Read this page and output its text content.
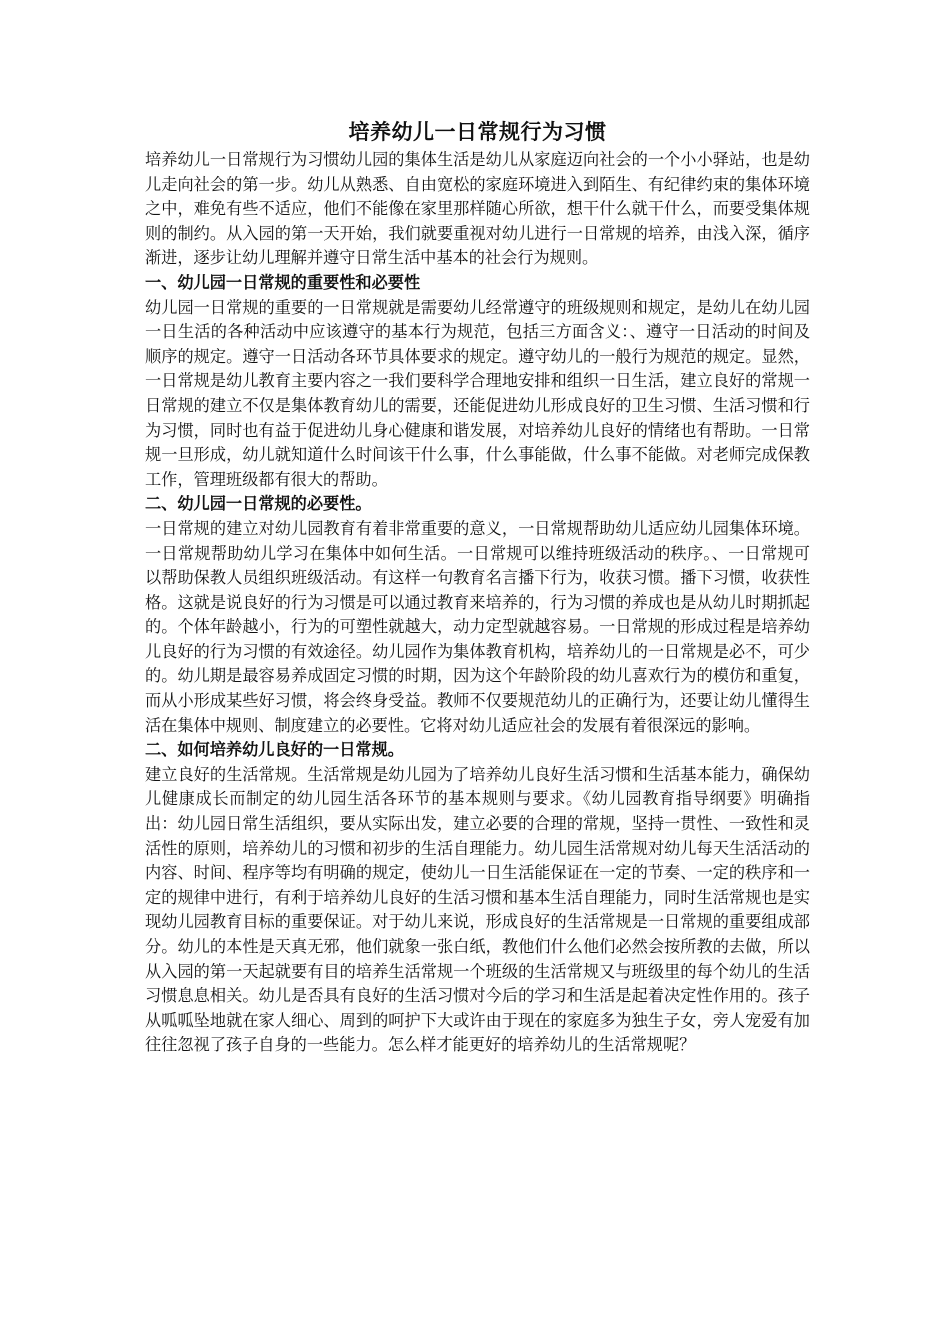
培养幼儿一日常规行为习惯

培养幼儿一日常规行为习惯幼儿园的集体生活是幼儿从家庭迈向社会的一个小小驿站，也是幼儿走向社会的第一步。幼儿从熟悉、自由宽松的家庭环境进入到陌生、有纪律约束的集体环境之中，难免有些不适应，他们不能像在家里那样随心所欲，想干什么就干什么，而要受集体规则的制约。从入园的第一天开始，我们就要重视对幼儿进行一日常规的培养，由浅入深，循序渐进，逐步让幼儿理解并遵守日常生活中基本的社会行为规则。

一、幼儿园一日常规的重要性和必要性

幼儿园一日常规的重要的一日常规就是需要幼儿经常遵守的班级规则和规定，是幼儿在幼儿园一日生活的各种活动中应该遵守的基本行为规范，包括三方面含义：、遵守一日活动的时间及顺序的规定。遵守一日活动各环节具体要求的规定。遵守幼儿的一般行为规范的规定。显然，一日常规是幼儿教育主要内容之一我们要科学合理地安排和组织一日生活，建立良好的常规一日常规的建立不仅是集体教育幼儿的需要，还能促进幼儿形成良好的卫生习惯、生活习惯和行为习惯，同时也有益于促进幼儿身心健康和谐发展，对培养幼儿良好的情绪也有帮助。一日常规一旦形成，幼儿就知道什么时间该干什么事，什么事能做，什么事不能做。对老师完成保教工作，管理班级都有很大的帮助。

二、幼儿园一日常规的必要性。

一日常规的建立对幼儿园教育有着非常重要的意义，一日常规帮助幼儿适应幼儿园集体环境。一日常规帮助幼儿学习在集体中如何生活。一日常规可以维持班级活动的秩序。、一日常规可以帮助保教人员组织班级活动。有这样一句教育名言播下行为，收获习惯。播下习惯，收获性格。这就是说良好的行为习惯是可以通过教育来培养的，行为习惯的养成也是从幼儿时期抓起的。个体年龄越小，行为的可塑性就越大，动力定型就越容易。一日常规的形成过程是培养幼儿良好的行为习惯的有效途径。幼儿园作为集体教育机构，培养幼儿的一日常规是必不，可少的。幼儿期是最容易养成固定习惯的时期，因为这个年龄阶段的幼儿喜欢行为的模仿和重复，而从小形成某些好习惯，将会终身受益。教师不仅要规范幼儿的正确行为，还要让幼儿懂得生活在集体中规则、制度建立的必要性。它将对幼儿适应社会的发展有着很深远的影响。

二、如何培养幼儿良好的一日常规。

建立良好的生活常规。生活常规是幼儿园为了培养幼儿良好生活习惯和生活基本能力，确保幼儿健康成长而制定的幼儿园生活各环节的基本规则与要求。《幼儿园教育指导纲要》明确指出：幼儿园日常生活组织，要从实际出发，建立必要的合理的常规，坚持一贯性、一致性和灵活性的原则，培养幼儿的习惯和初步的生活自理能力。幼儿园生活常规对幼儿每天生活活动的内容、时间、程序等均有明确的规定，使幼儿一日生活能保证在一定的节奏、一定的秩序和一定的规律中进行，有利于培养幼儿良好的生活习惯和基本生活自理能力，同时生活常规也是实现幼儿园教育目标的重要保证。对于幼儿来说，形成良好的生活常规是一日常规的重要组成部分。幼儿的本性是天真无邪，他们就象一张白纸，教他们什么他们必然会按所教的去做，所以从入园的第一天起就要有目的培养生活常规一个班级的生活常规又与班级里的每个幼儿的生活习惯息息相关。幼儿是否具有良好的生活习惯对今后的学习和生活是起着决定性作用的。孩子从呱呱坠地就在家人细心、周到的呵护下大或许由于现在的家庭多为独生子女，旁人宠爱有加往往忽视了孩子自身的一些能力。怎么样才能更好的培养幼儿的生活常规呢？
